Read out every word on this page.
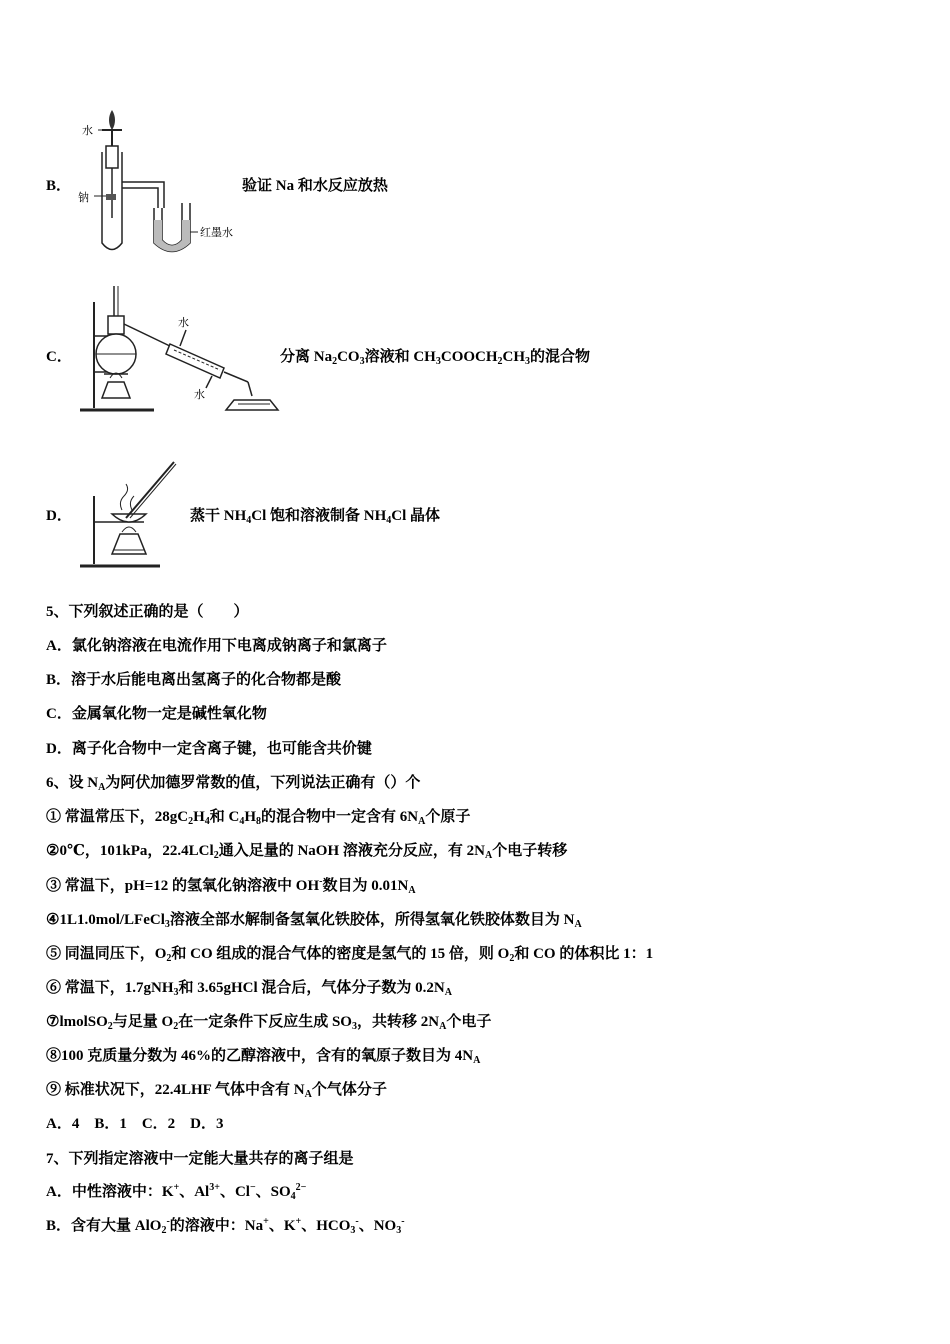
B．
水
钠
红墨水
验证 Na 和水反应放热
C．
水
水
分离 $Na_2CO_3$溶液和 $CH_3COOCH_2CH_3$的混合物
D．	蒸干 $NH_4Cl$ 饱和溶液制备 $NH_4Cl$ 晶体
5、下列叙述正确的是（　　）
A．氯化钠溶液在电流作用下电离成钠离子和氯离子
B．溶于水后能电离出氢离子的化合物都是酸
C．金属氧化物一定是碱性氧化物
D．离子化合物中一定含离子键，也可能含共价键
6、设 $N_A$为阿伏加德罗常数的值，下列说法正确有（）个
① 常温常压下，$28gC_2H_4$和 $C_4H_8$的混合物中一定含有 $6N_A$个原子
②0℃，101kPa，22.4LCl$_2$通入足量的 NaOH 溶液充分反应，有 $2N_A$个电子转移
③ 常温下，pH=12 的氢氧化钠溶液中 OH-数目为 $0.01N_A$
④1L1.0mol/LFeCl$_3$溶液全部水解制备氢氧化铁胶体，所得氢氧化铁胶体数目为 $N_A$
⑤ 同温同压下，$O_2$和 CO 组成的混合气体的密度是氢气的 15 倍，则 $O_2$和 CO 的体积比 1：1
⑥ 常温下，1.7gNH$_3$和 3.65gHCl 混合后，气体分子数为 $0.2N_A$
⑦lmolSO$_2$与足量 $O_2$在一定条件下反应生成 $SO_3$，共转移 $2N_A$个电子
⑧100 克质量分数为 46%的乙醇溶液中，含有的氧原子数目为 $4N_A$
⑨ 标准状况下，22.4LHF 气体中含有 $N_A$个气体分子
A．4　B．1　C．2　D．3
7、下列指定溶液中一定能大量共存的离子组是
A．中性溶液中：K+、$Al^{3+}$、Cl−、$SO_4^{2-}$
B．含有大量 AlO$_2$-的溶液中：Na+、K+、$HCO_3^-$、$NO_3^-$
